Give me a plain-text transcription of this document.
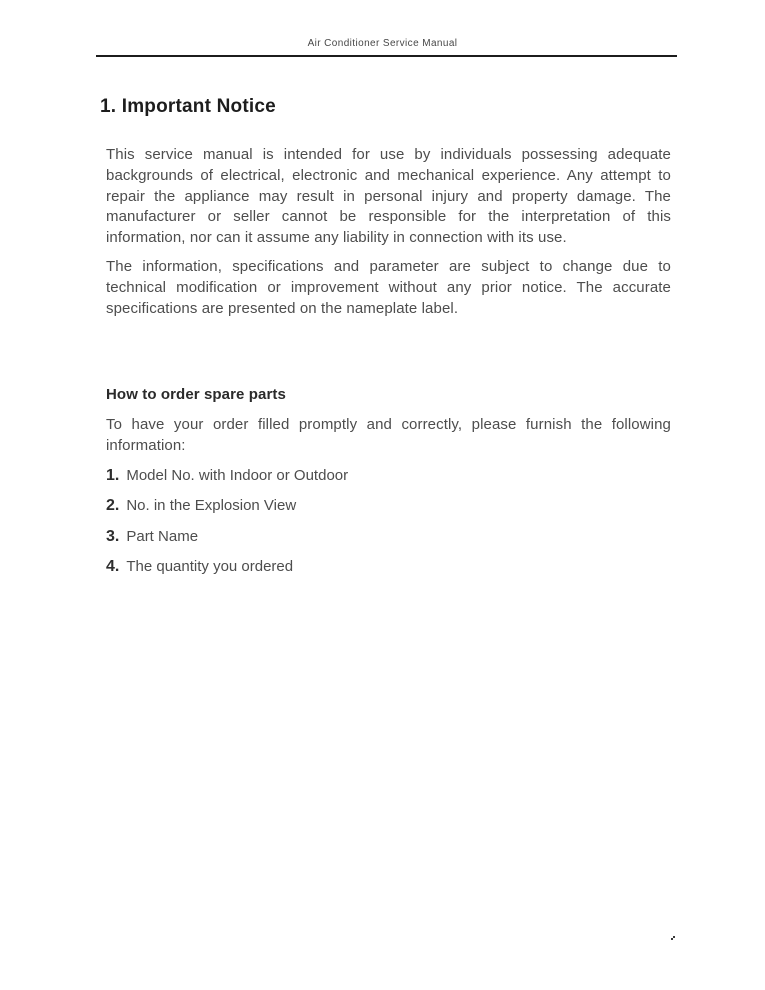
Air Conditioner Service Manual
1. Important Notice

This service manual is intended for use by individuals possessing adequate backgrounds of electrical, electronic and mechanical experience. Any attempt to repair the appliance may result in personal injury and property damage. The manufacturer or seller cannot be responsible for the interpretation of this information, nor can it assume any liability in connection with its use.

The information, specifications and parameter are subject to change due to technical modification or improvement without any prior notice. The accurate specifications are presented on the nameplate label.

How to order spare parts

To have your order filled promptly and correctly, please furnish the following information:

1. Model No. with Indoor or Outdoor
2. No. in the Explosion View
3. Part Name
4. The quantity you ordered
